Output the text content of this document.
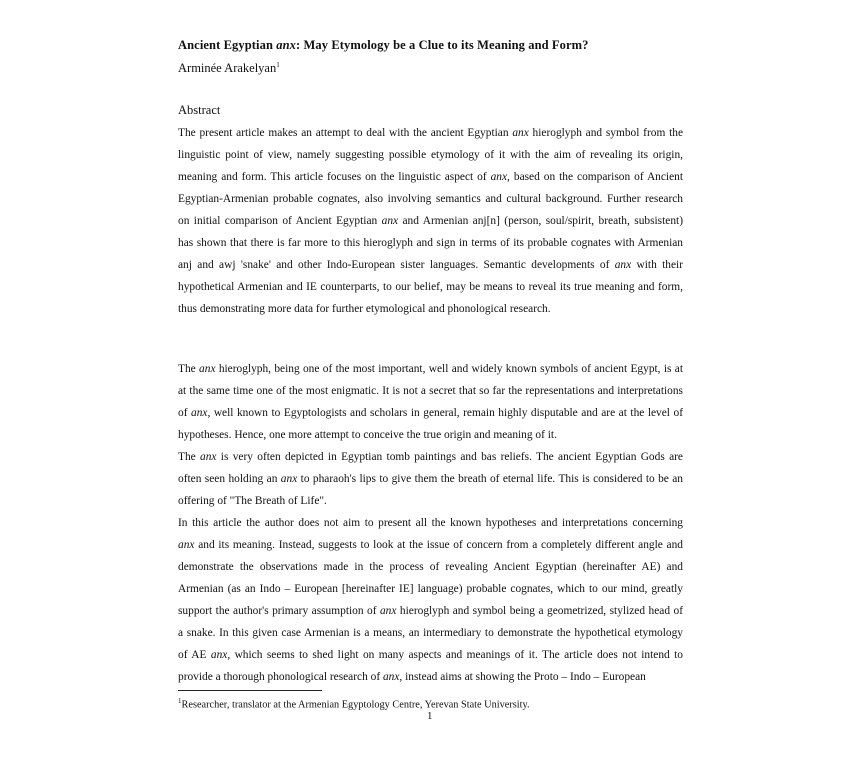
Ancient Egyptian anx: May Etymology be a Clue to its Meaning and Form?
Arminée Arakelyan$^1$
Abstract
The present article makes an attempt to deal with the ancient Egyptian anx hieroglyph and symbol from the
linguistic point of view, namely suggesting possible etymology of it with the aim of revealing its origin,
meaning and form. This article focuses on the linguistic aspect of anx, based on the comparison of Ancient
Egyptian-Armenian probable cognates, also involving semantics and cultural background. Further research
on initial comparison of Ancient Egyptian anx and Armenian anj[n] (person, soul/spirit, breath, subsistent)
has shown that there is far more to this hieroglyph and sign in terms of its probable cognates with Armenian
anj and awj 'snake' and other Indo-European sister languages. Semantic developments of anx with their
hypothetical Armenian and IE counterparts, to our belief, may be means to reveal its true meaning and form,
thus demonstrating more data for further etymological and phonological research.
The anx hieroglyph, being one of the most important, well and widely known symbols of ancient Egypt, is at
at the same time one of the most enigmatic. It is not a secret that so far the representations and interpretations
of anx, well known to Egyptologists and scholars in general, remain highly disputable and are at the level of
hypotheses. Hence, one more attempt to conceive the true origin and meaning of it.
The anx is very often depicted in Egyptian tomb paintings and bas reliefs. The ancient Egyptian Gods are
often seen holding an anx to pharaoh's lips to give them the breath of eternal life. This is considered to be an
offering of "The Breath of Life".
In this article the author does not aim to present all the known hypotheses and interpretations concerning
anx and its meaning. Instead, suggests to look at the issue of concern from a completely different angle and
demonstrate the observations made in the process of revealing Ancient Egyptian (hereinafter AE) and
Armenian (as an Indo – European [hereinafter IE] language) probable cognates, which to our mind, greatly
support the author's primary assumption of anx hieroglyph and symbol being a geometrized, stylized head of
a snake. In this given case Armenian is a means, an intermediary to demonstrate the hypothetical etymology
of AE anx, which seems to shed light on many aspects and meanings of it. The article does not intend to
provide a thorough phonological research of anx, instead aims at showing the Proto – Indo – European
$^1$Researcher, translator at the Armenian Egyptology Centre, Yerevan State University.
1
